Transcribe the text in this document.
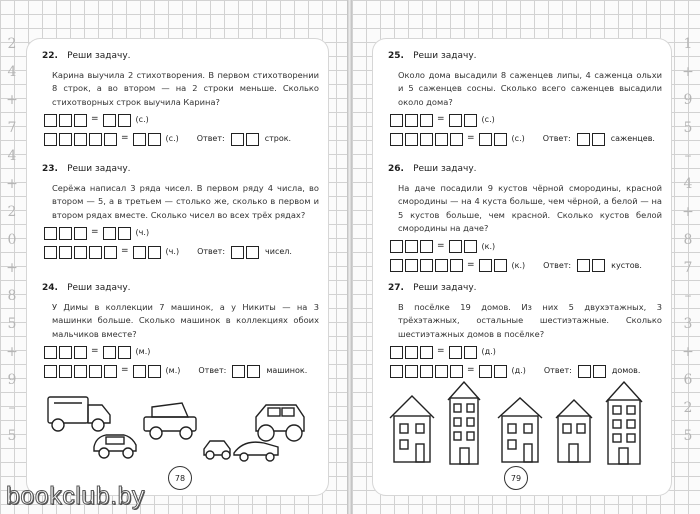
2
4
+
7
4
+
2
0
+
8
5
+
9
–
5
22. Реши задачу.
Карина выучила 2 стихотворения. В первом стихотворении 8 строк, а во втором — на 2 строки меньше. Сколько стихотворных строк выучила Карина?
=	(с.)
=	(с.) Ответ:	строк.
23. Реши задачу.
Серёжа написал 3 ряда чисел. В первом ряду 4 числа, во втором — 5, а в третьем — столько же, сколько в первом и втором рядах вместе. Сколько чисел во всех трёх рядах?
=	(ч.)
=	(ч.) Ответ:	чисел.
24. Реши задачу.
У Димы в коллекции 7 машинок, а у Никиты — на 3 машинки больше. Сколько машинок в коллекциях обоих мальчиков вместе?
=	(м.)
=	(м.) Ответ:	машинок.
78
1
+
9
5
–
4
+
8
7
–
3
+
6
2
5
25. Реши задачу.
Около дома высадили 8 саженцев липы, 4 саженца ольхи и 5 саженцев сосны. Сколько всего саженцев высадили около дома?
=	(с.)
=	(с.) Ответ:	саженцев.
26. Реши задачу.
На даче посадили 9 кустов чёрной смородины, красной смородины — на 4 куста больше, чем чёрной, а белой — на 5 кустов больше, чем красной. Сколько кустов белой смородины на даче?
=	(к.)
=	(к.) Ответ:	кустов.
27. Реши задачу.
В посёлке 19 домов. Из них 5 двухэтажных, 3 трёхэтажных, остальные шестиэтажные. Сколько шестиэтажных домов в посёлке?
=	(д.)
=	(д.) Ответ:	домов.
79
bookclub.by
